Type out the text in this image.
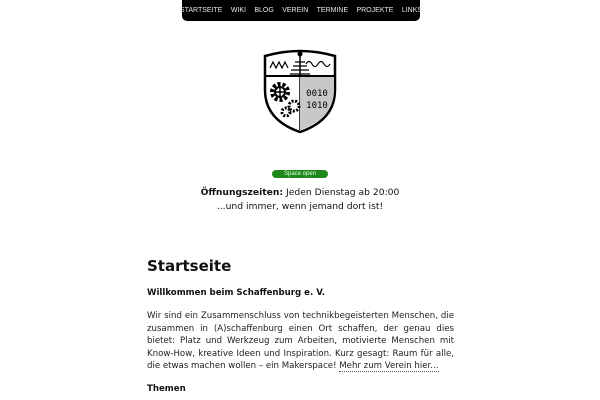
STARTSEITE	WIKI	BLOG	VEREIN	TERMINE	PROJEKTE	LINKS
0010
1010
Space open
Öffnungszeiten: Jeden Dienstag ab 20:00
...und immer, wenn jemand dort ist!
Startseite
Willkommen beim Schaffenburg e. V.

Wir sind ein Zusammenschluss von technikbegeisterten Menschen, die zusammen in (A)schaffenburg einen Ort schaffen, der genau dies bietet: Platz und Werkzeug zum Arbeiten, motivierte Menschen mit Know-How, kreative Ideen und Inspiration. Kurz gesagt: Raum für alle, die etwas machen wollen – ein Makerspace! Mehr zum Verein hier...

Themen
